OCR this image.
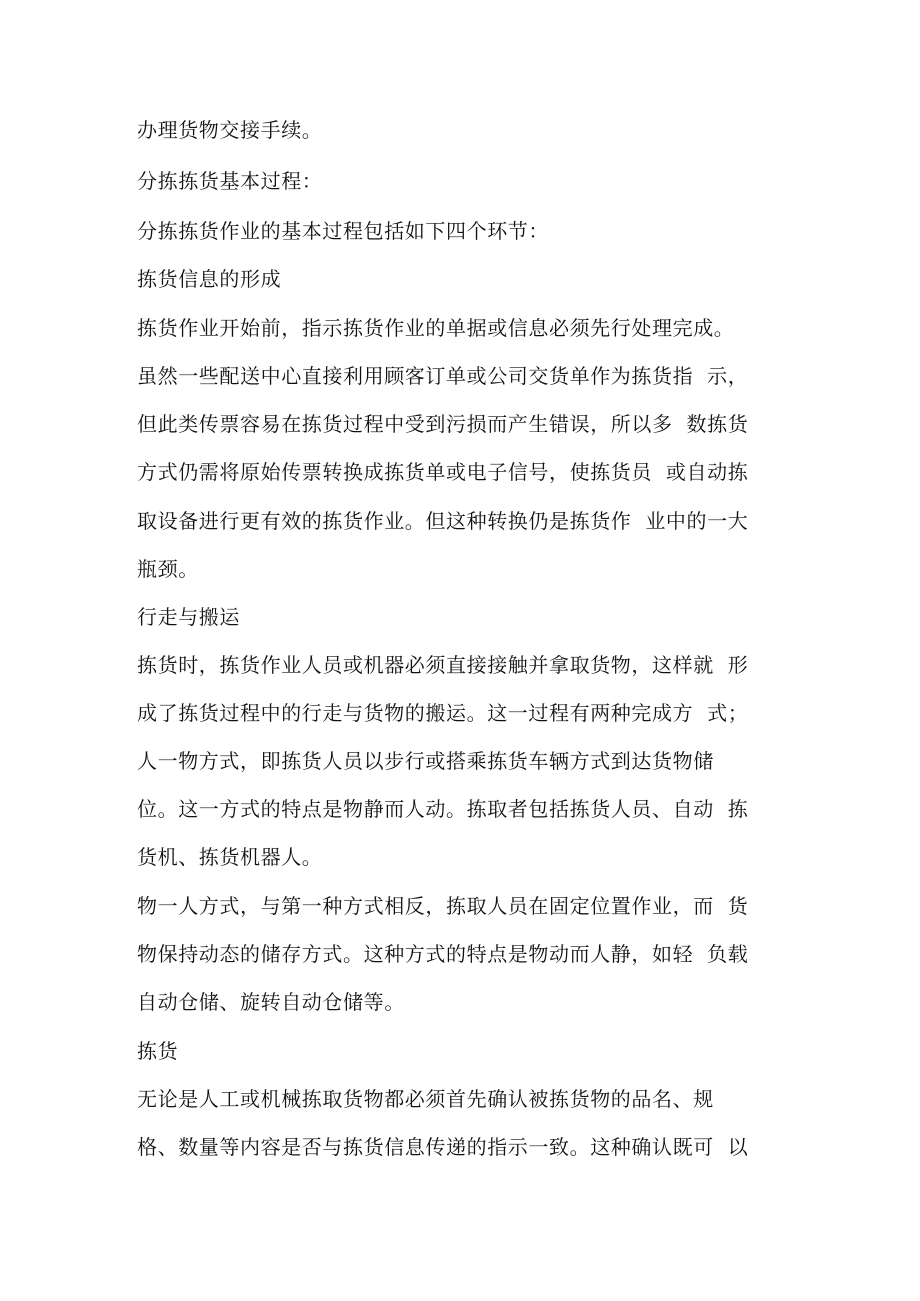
办理货物交接手续。
分拣拣货基本过程：
分拣拣货作业的基本过程包括如下四个环节：
拣货信息的形成
拣货作业开始前，指示拣货作业的单据或信息必须先行处理完成。
虽然一些配送中心直接利用顾客订单或公司交货单作为拣货指  示，
但此类传票容易在拣货过程中受到污损而产生错误，所以多  数拣货
方式仍需将原始传票转换成拣货单或电子信号，使拣货员  或自动拣
取设备进行更有效的拣货作业。但这种转换仍是拣货作  业中的一大
瓶颈。
行走与搬运
拣货时，拣货作业人员或机器必须直接接触并拿取货物，这样就  形
成了拣货过程中的行走与货物的搬运。这一过程有两种完成方  式；
人一物方式，即拣货人员以步行或搭乘拣货车辆方式到达货物储
位。这一方式的特点是物静而人动。拣取者包括拣货人员、自动  拣
货机、拣货机器人。
物一人方式，与第一种方式相反，拣取人员在固定位置作业，而  货
物保持动态的储存方式。这种方式的特点是物动而人静，如轻  负载
自动仓储、旋转自动仓储等。
拣货
无论是人工或机械拣取货物都必须首先确认被拣货物的品名、规
格、数量等内容是否与拣货信息传递的指示一致。这种确认既可  以
